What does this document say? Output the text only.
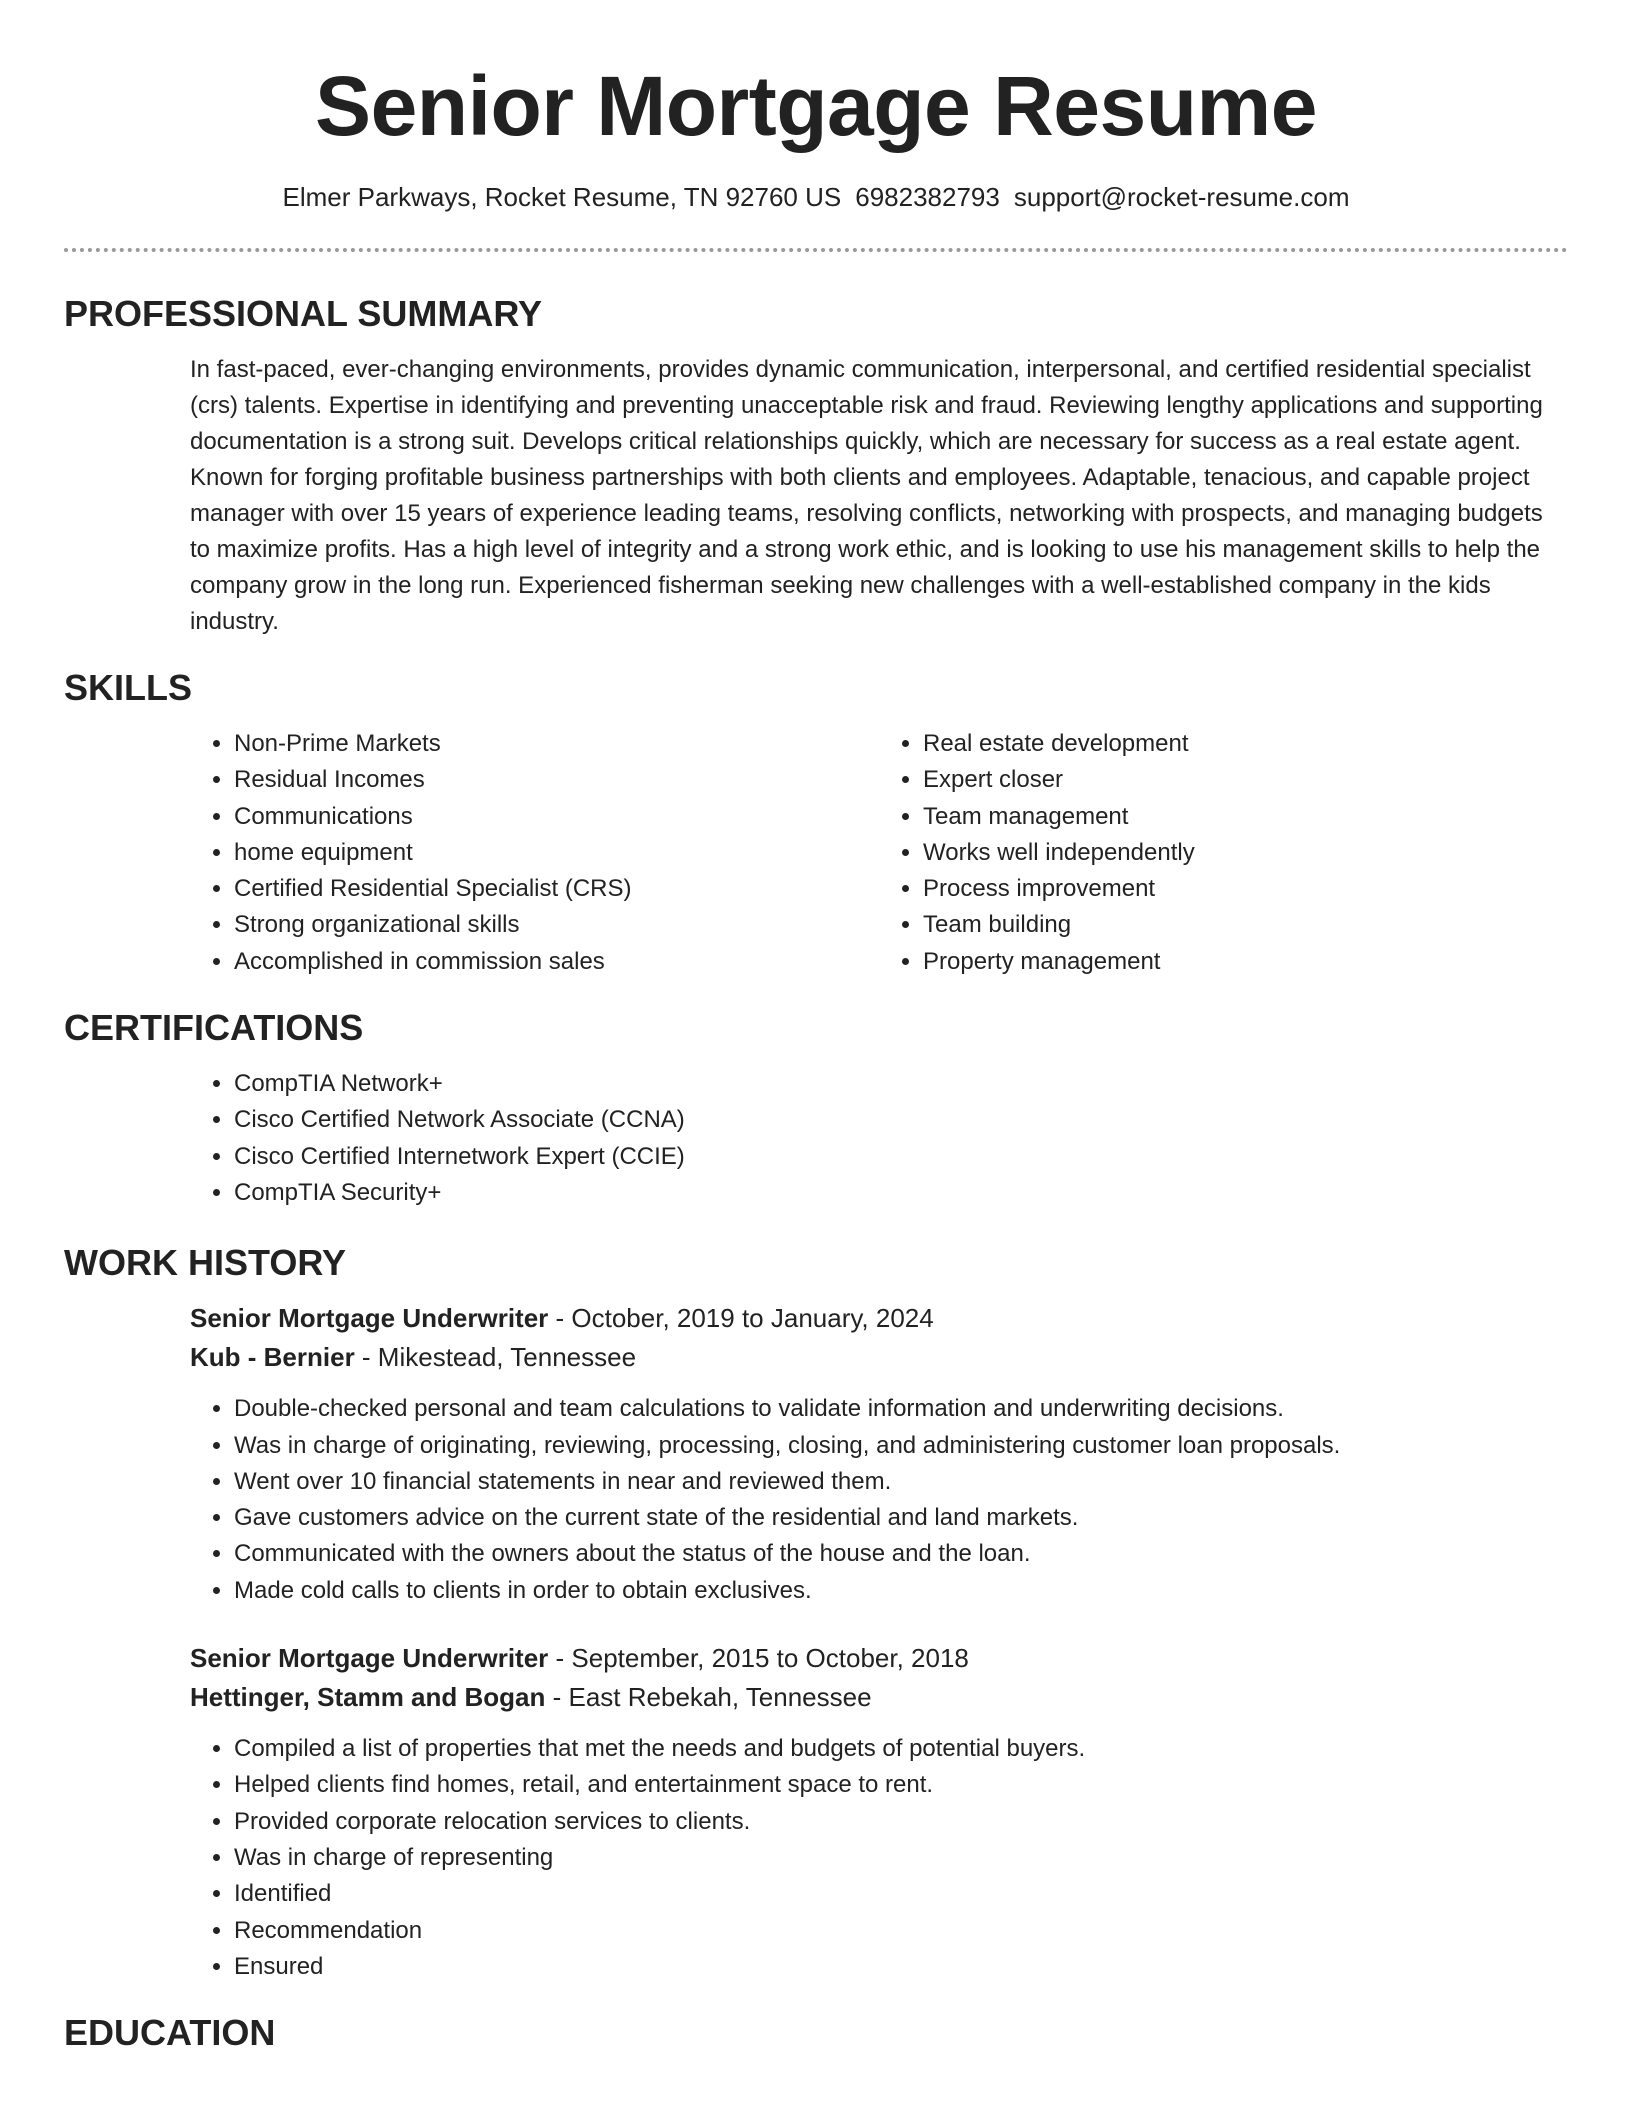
Senior Mortgage Resume
Elmer Parkways, Rocket Resume, TN 92760 US 6982382793 support@rocket-resume.com
PROFESSIONAL SUMMARY

In fast-paced, ever-changing environments, provides dynamic communication, interpersonal, and certified residential specialist (crs) talents. Expertise in identifying and preventing unacceptable risk and fraud. Reviewing lengthy applications and supporting documentation is a strong suit. Develops critical relationships quickly, which are necessary for success as a real estate agent. Known for forging profitable business partnerships with both clients and employees. Adaptable, tenacious, and capable project manager with over 15 years of experience leading teams, resolving conflicts, networking with prospects, and managing budgets to maximize profits. Has a high level of integrity and a strong work ethic, and is looking to use his management skills to help the company grow in the long run. Experienced fisherman seeking new challenges with a well-established company in the kids industry.

SKILLS
• Non-Prime Markets
• Residual Incomes
• Communications
• home equipment
• Certified Residential Specialist (CRS)
• Strong organizational skills
• Accomplished in commission sales
• Real estate development
• Expert closer
• Team management
• Works well independently
• Process improvement
• Team building
• Property management
CERTIFICATIONS
• CompTIA Network+
• Cisco Certified Network Associate (CCNA)
• Cisco Certified Internetwork Expert (CCIE)
• CompTIA Security+
WORK HISTORY
Senior Mortgage Underwriter - October, 2019 to January, 2024
Kub - Bernier - Mikestead, Tennessee
• Double-checked personal and team calculations to validate information and underwriting decisions.
• Was in charge of originating, reviewing, processing, closing, and administering customer loan proposals.
• Went over 10 financial statements in near and reviewed them.
• Gave customers advice on the current state of the residential and land markets.
• Communicated with the owners about the status of the house and the loan.
• Made cold calls to clients in order to obtain exclusives.
Senior Mortgage Underwriter - September, 2015 to October, 2018
Hettinger, Stamm and Bogan - East Rebekah, Tennessee
• Compiled a list of properties that met the needs and budgets of potential buyers.
• Helped clients find homes, retail, and entertainment space to rent.
• Provided corporate relocation services to clients.
• Was in charge of representing
• Identified
• Recommendation
• Ensured
EDUCATION
